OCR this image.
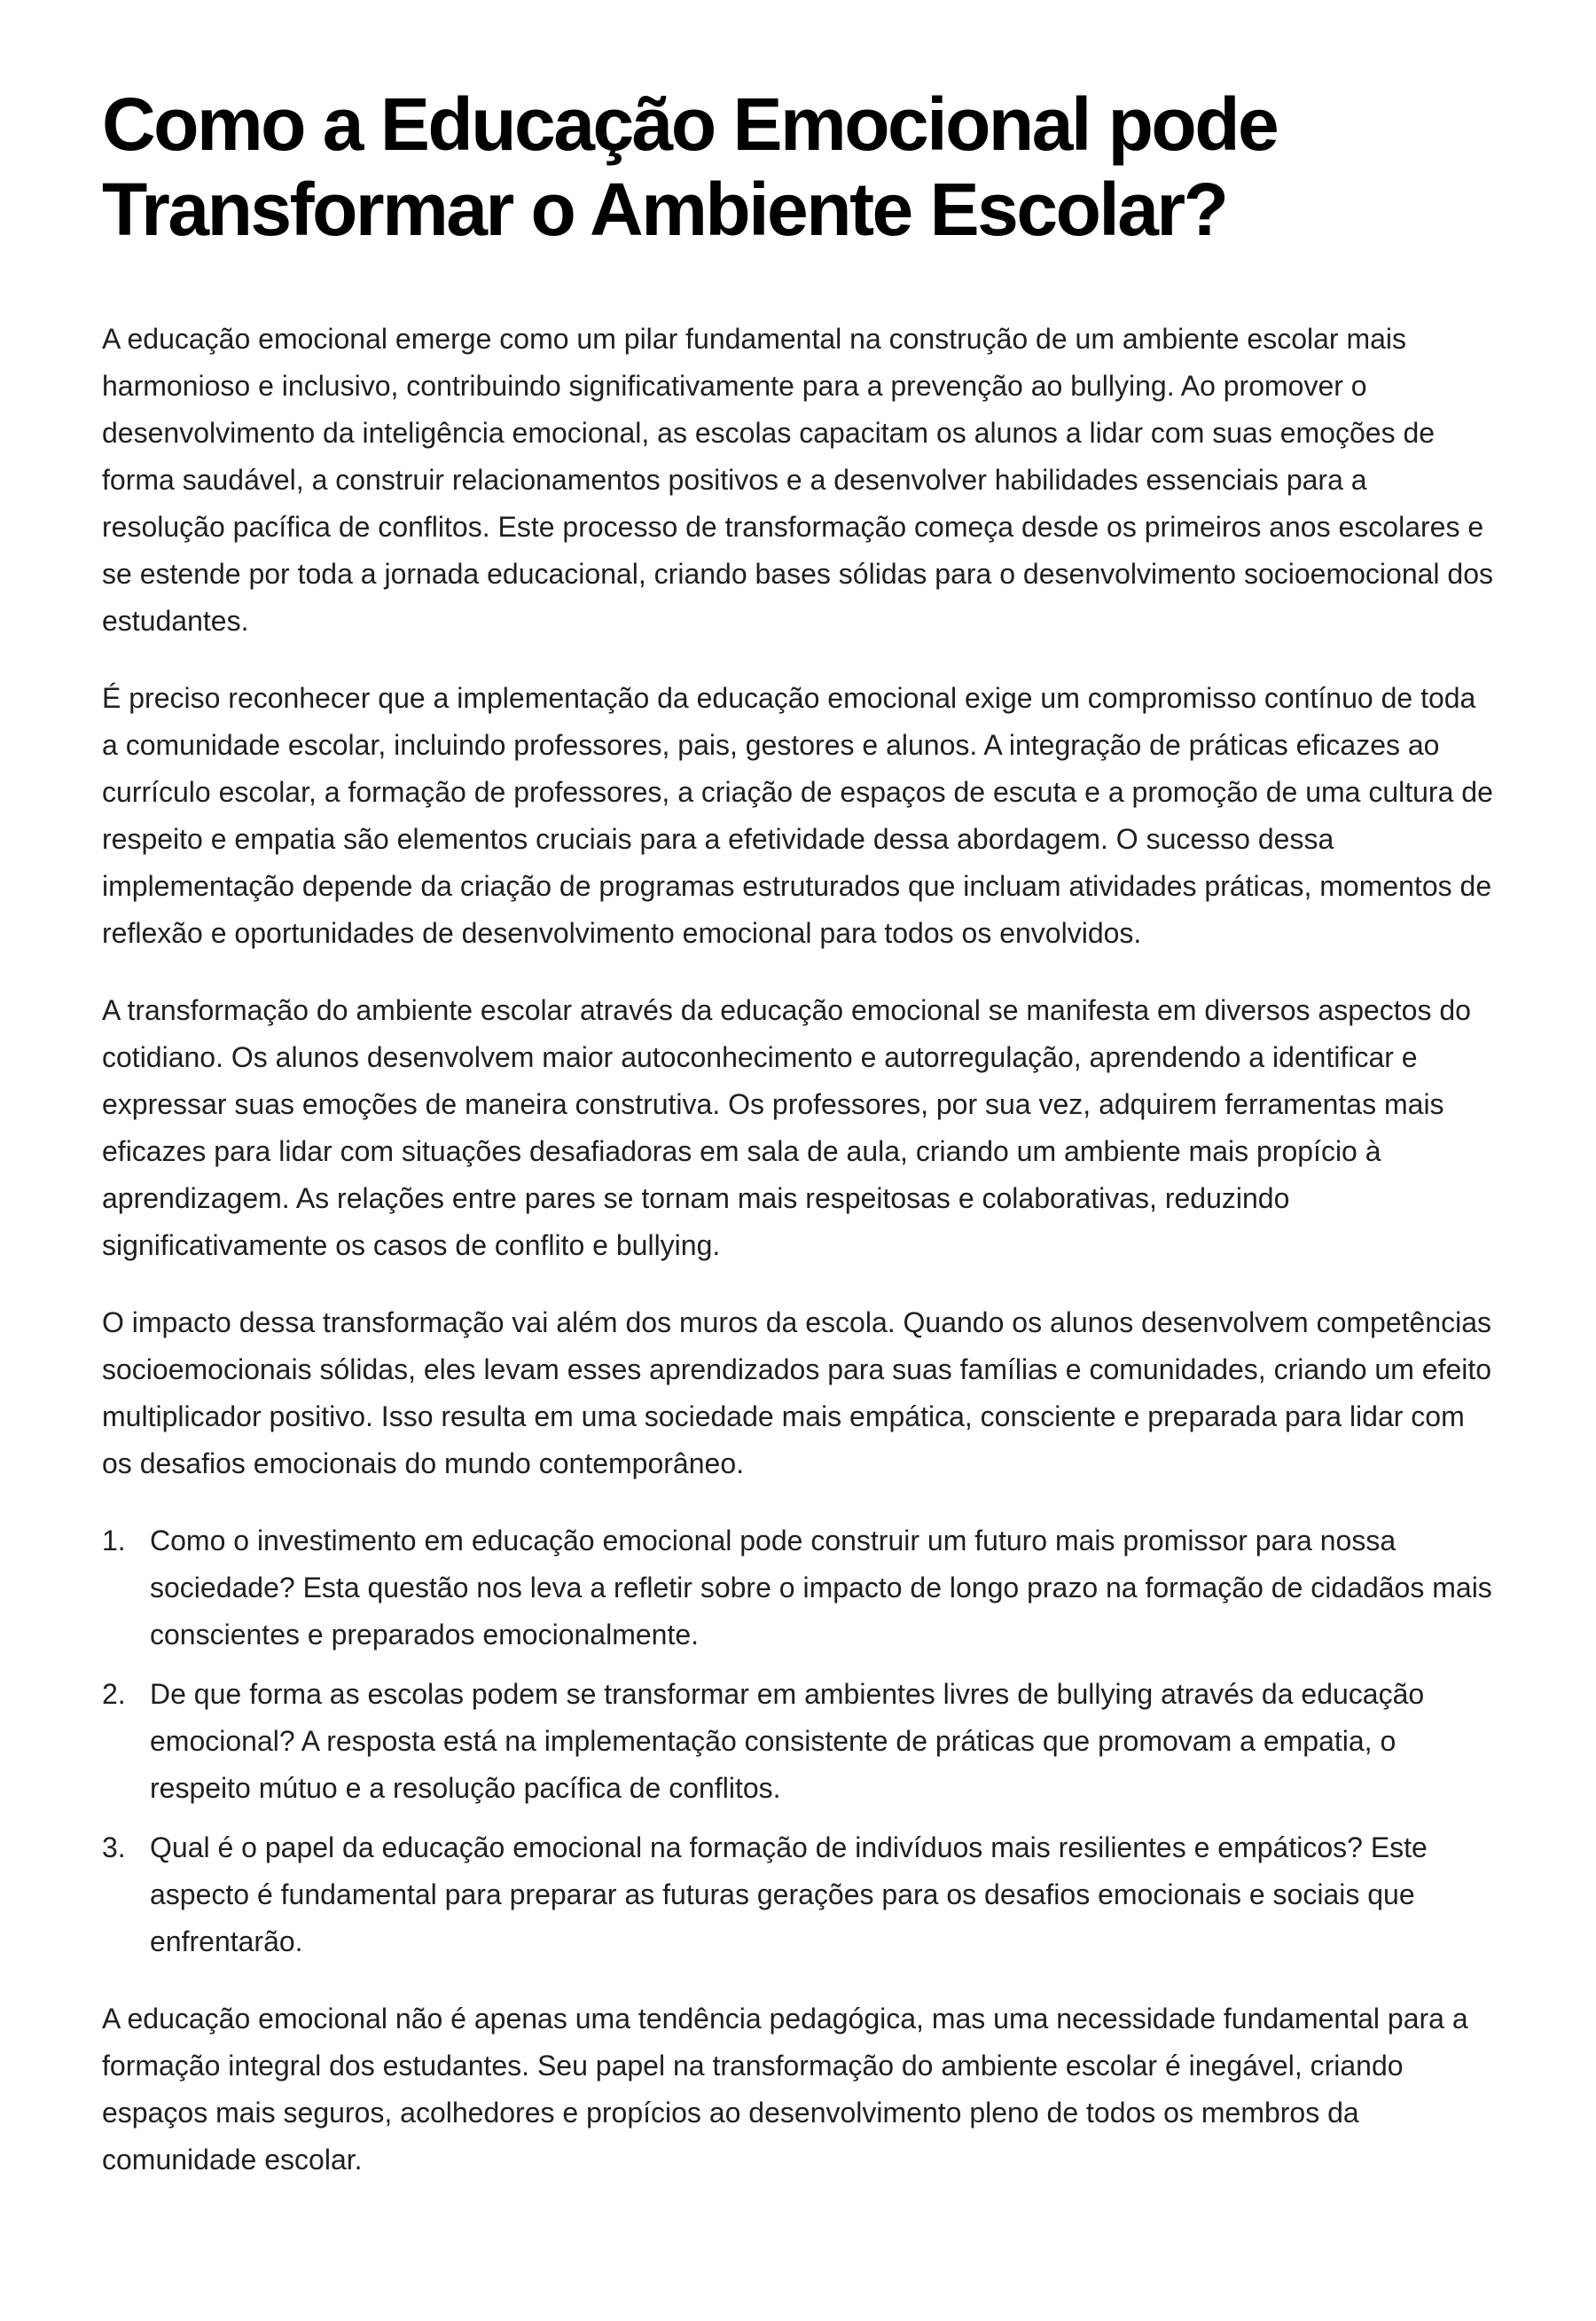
Como a Educação Emocional pode Transformar o Ambiente Escolar?

A educação emocional emerge como um pilar fundamental na construção de um ambiente escolar mais harmonioso e inclusivo, contribuindo significativamente para a prevenção ao bullying. Ao promover o desenvolvimento da inteligência emocional, as escolas capacitam os alunos a lidar com suas emoções de forma saudável, a construir relacionamentos positivos e a desenvolver habilidades essenciais para a resolução pacífica de conflitos. Este processo de transformação começa desde os primeiros anos escolares e se estende por toda a jornada educacional, criando bases sólidas para o desenvolvimento socioemocional dos estudantes.

É preciso reconhecer que a implementação da educação emocional exige um compromisso contínuo de toda a comunidade escolar, incluindo professores, pais, gestores e alunos. A integração de práticas eficazes ao currículo escolar, a formação de professores, a criação de espaços de escuta e a promoção de uma cultura de respeito e empatia são elementos cruciais para a efetividade dessa abordagem. O sucesso dessa implementação depende da criação de programas estruturados que incluam atividades práticas, momentos de reflexão e oportunidades de desenvolvimento emocional para todos os envolvidos.

A transformação do ambiente escolar através da educação emocional se manifesta em diversos aspectos do cotidiano. Os alunos desenvolvem maior autoconhecimento e autorregulação, aprendendo a identificar e expressar suas emoções de maneira construtiva. Os professores, por sua vez, adquirem ferramentas mais eficazes para lidar com situações desafiadoras em sala de aula, criando um ambiente mais propício à aprendizagem. As relações entre pares se tornam mais respeitosas e colaborativas, reduzindo significativamente os casos de conflito e bullying.

O impacto dessa transformação vai além dos muros da escola. Quando os alunos desenvolvem competências socioemocionais sólidas, eles levam esses aprendizados para suas famílias e comunidades, criando um efeito multiplicador positivo. Isso resulta em uma sociedade mais empática, consciente e preparada para lidar com os desafios emocionais do mundo contemporâneo.

1. Como o investimento em educação emocional pode construir um futuro mais promissor para nossa sociedade? Esta questão nos leva a refletir sobre o impacto de longo prazo na formação de cidadãos mais conscientes e preparados emocionalmente.
2. De que forma as escolas podem se transformar em ambientes livres de bullying através da educação emocional? A resposta está na implementação consistente de práticas que promovam a empatia, o respeito mútuo e a resolução pacífica de conflitos.
3. Qual é o papel da educação emocional na formação de indivíduos mais resilientes e empáticos? Este aspecto é fundamental para preparar as futuras gerações para os desafios emocionais e sociais que enfrentarão.

A educação emocional não é apenas uma tendência pedagógica, mas uma necessidade fundamental para a formação integral dos estudantes. Seu papel na transformação do ambiente escolar é inegável, criando espaços mais seguros, acolhedores e propícios ao desenvolvimento pleno de todos os membros da comunidade escolar.
